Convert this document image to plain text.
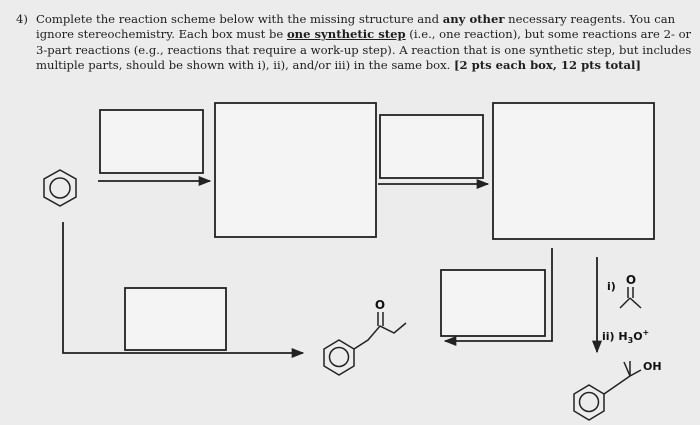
4) Complete the reaction scheme below with the missing structure and any other necessary reagents. You can ignore stereochemistry. Each box must be one synthetic step (i.e., one reaction), but some reactions are 2- or 3-part reactions (e.g., reactions that require a work-up step). A reaction that is one synthetic step, but includes multiple parts, should be shown with i), ii), and/or iii) in the same box. [2 pts each box, 12 pts total]
O
O
i)
ii) $H_3O^+$
OH
